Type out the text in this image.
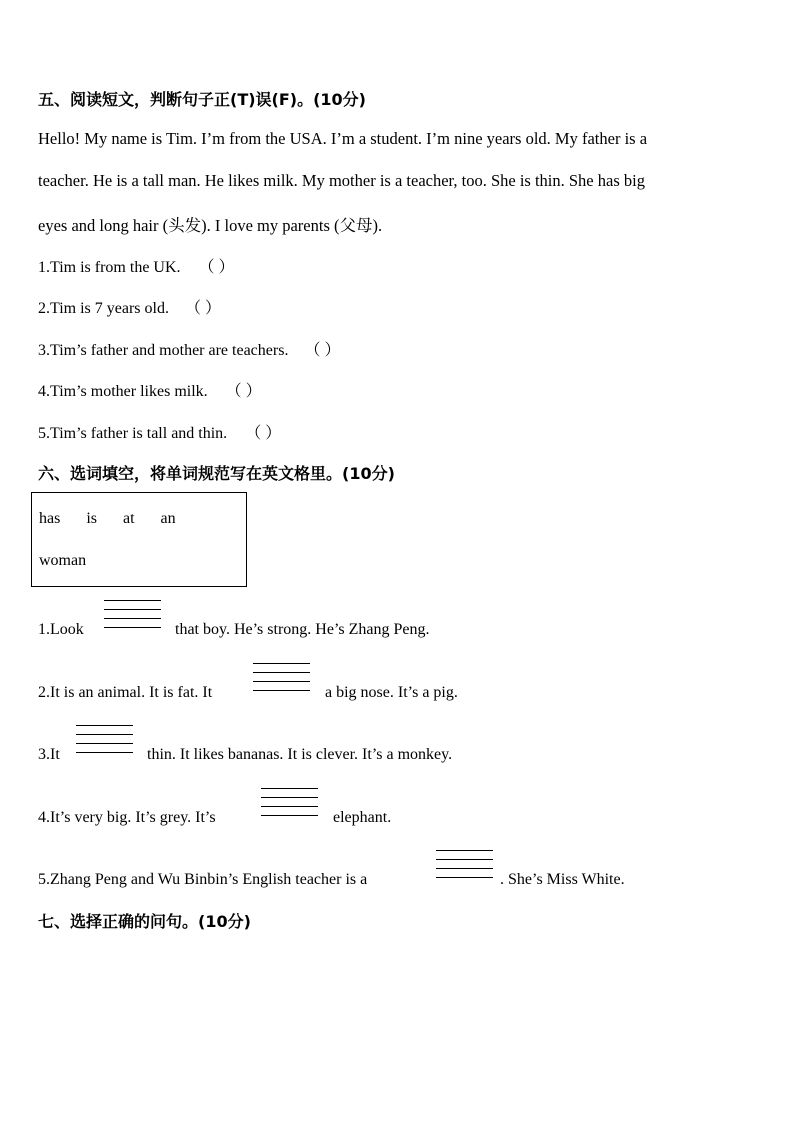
五、阅读短文，判断句子正(T)误(F)。(10分)
Hello! My name is Tim. I’m from the USA. I’m a student. I’m nine years old. My father is a
teacher. He is a tall man. He likes milk. My mother is a teacher, too. She is thin. She has big
eyes and long hair (头发). I love my parents (父母).
1.Tim is from the UK. （ ）
2.Tim is 7 years old. （ ）
3.Tim’s father and mother are teachers. （ ）
4.Tim’s mother likes milk. （ ）
5.Tim’s father is tall and thin. （ ）
六、选词填空，将单词规范写在英文格里。(10分)
has is at an
woman
1.Look	that boy. He’s strong. He’s Zhang Peng.
2.It is an animal. It is fat. It	a big nose. It’s a pig.
3.It	thin. It likes bananas. It is clever. It’s a monkey.
4.It’s very big. It’s grey. It’s	elephant.
5.Zhang Peng and Wu Binbin’s English teacher is a	. She’s Miss White.
七、选择正确的问句。(10分)
